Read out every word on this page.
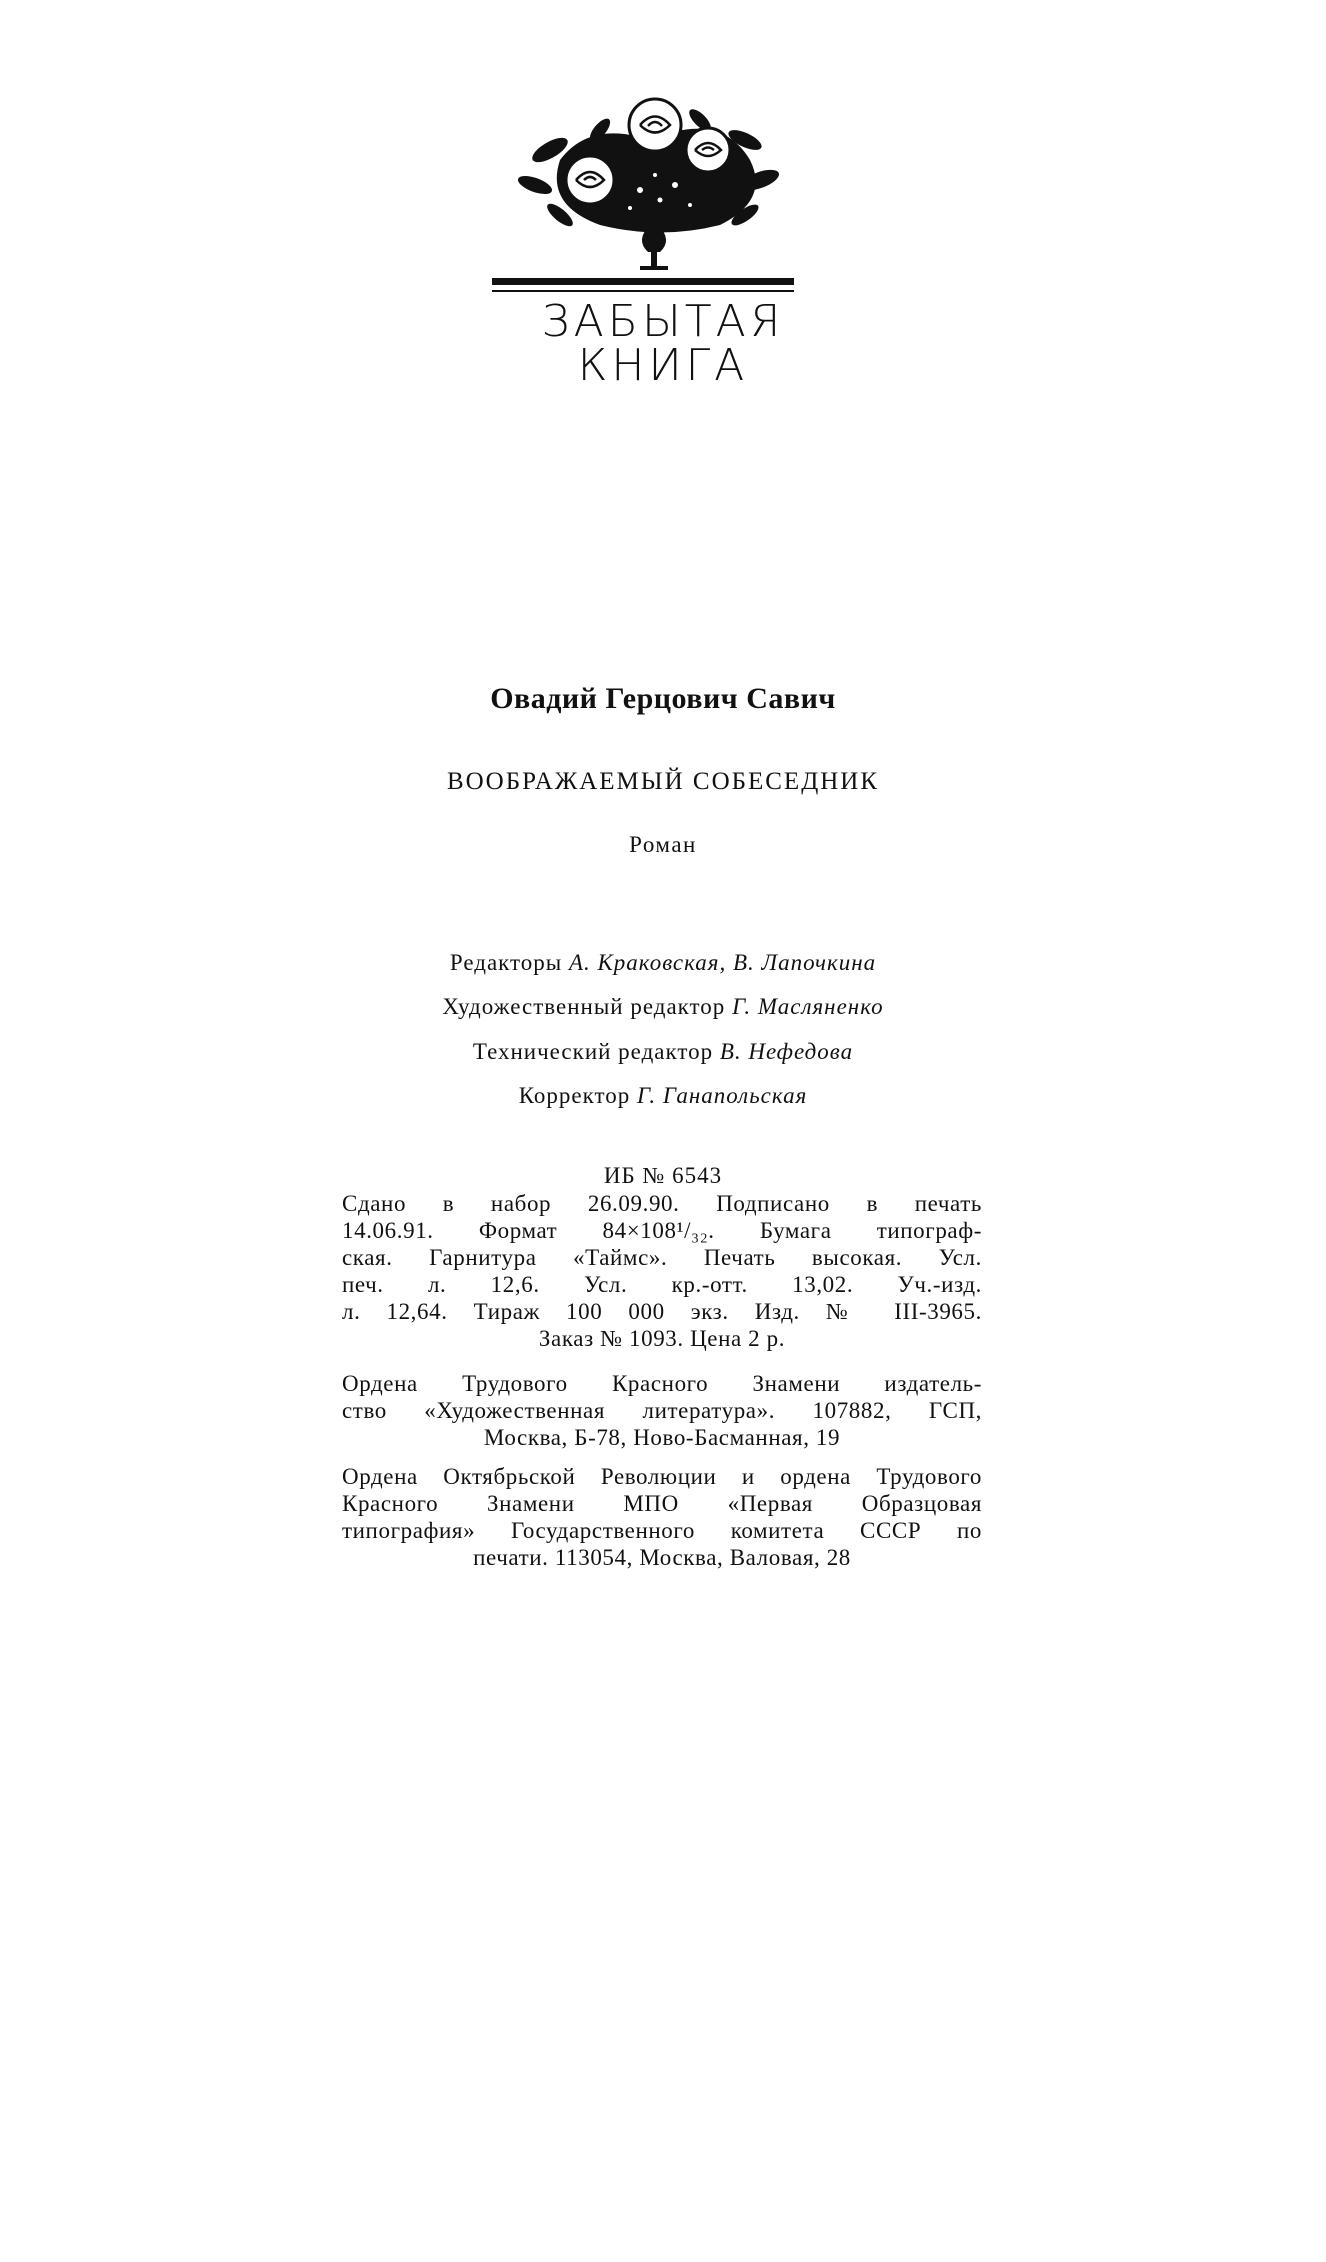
ЗАБЫТАЯ
КНИГА
Овадий Герцович Савич
ВООБРАЖАЕМЫЙ СОБЕСЕДНИК
Роман
Редакторы А. Краковская, В. Лапочкина
Художественный редактор Г. Масляненко
Технический редактор В. Нефедова
Корректор Г. Ганапольская
ИБ № 6543
Сдано в набор 26.09.90. Подписано в печать
14.06.91. Формат 84×108¹/₃₂. Бумага типограф-
ская. Гарнитура «Таймс». Печать высокая. Усл.
печ. л. 12,6. Усл. кр.-отт. 13,02. Уч.-изд.
л. 12,64. Тираж 100 000 экз. Изд. № III-3965.
Заказ № 1093. Цена 2 р.
Ордена Трудового Красного Знамени издатель-
ство «Художественная литература». 107882, ГСП,
Москва, Б-78, Ново-Басманная, 19
Ордена Октябрьской Революции и ордена Трудового
Красного Знамени МПО «Первая Образцовая
типография» Государственного комитета СССР по
печати. 113054, Москва, Валовая, 28
